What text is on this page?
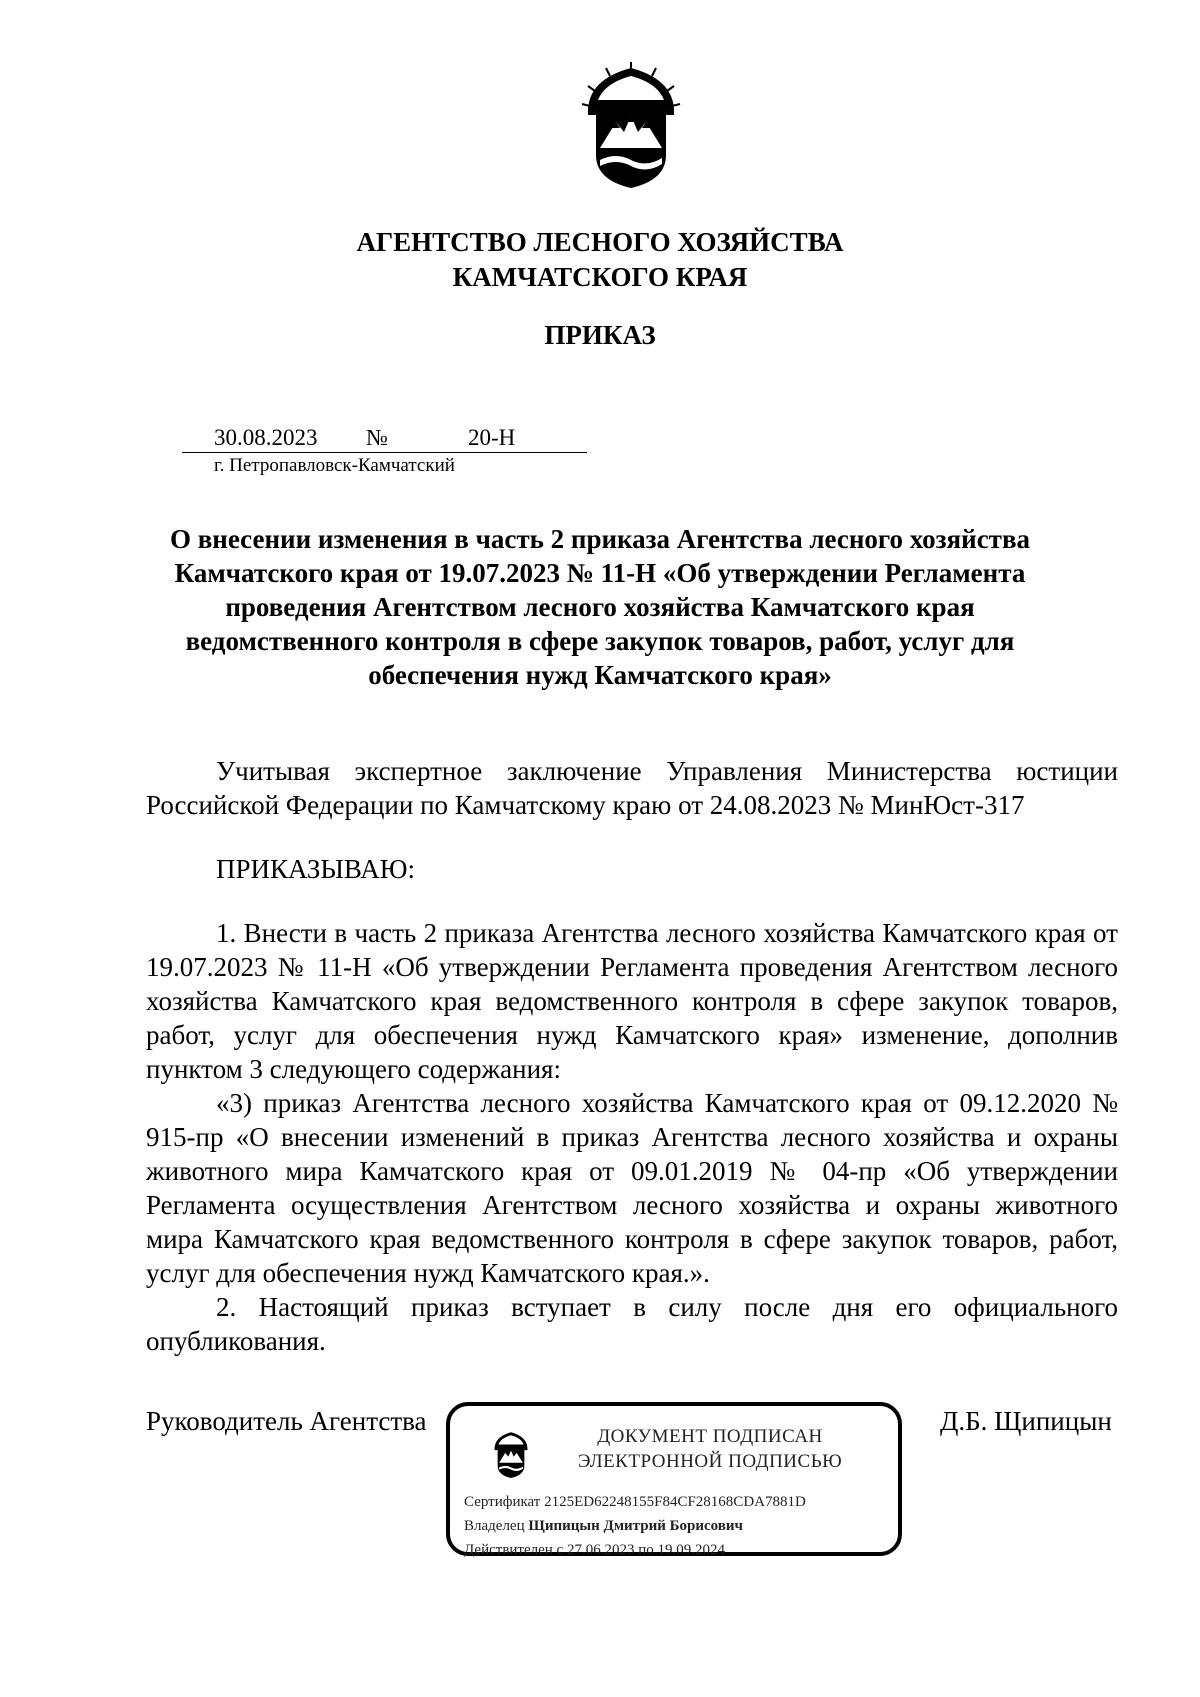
АГЕНТСТВО ЛЕСНОГО ХОЗЯЙСТВА
КАМЧАТСКОГО КРАЯ
ПРИКАЗ
30.08.2023 №	20-Н
г. Петропавловск-Камчатский
О внесении изменения в часть 2 приказа Агентства лесного хозяйства
Камчатского края от 19.07.2023 № 11-Н «Об утверждении Регламента
проведения Агентством лесного хозяйства Камчатского края
ведомственного контроля в сфере закупок товаров, работ, услуг для
обеспечения нужд Камчатского края»

Учитывая экспертное заключение Управления Министерства юстиции Российской Федерации по Камчатскому краю от 24.08.2023 № МинЮст-317

ПРИКАЗЫВАЮ:

1. Внести в часть 2 приказа Агентства лесного хозяйства Камчатского края от 19.07.2023 № 11-Н «Об утверждении Регламента проведения Агентством лесного хозяйства Камчатского края ведомственного контроля в сфере закупок товаров, работ, услуг для обеспечения нужд Камчатского края» изменение, дополнив пунктом 3 следующего содержания:

«3) приказ Агентства лесного хозяйства Камчатского края от 09.12.2020 № 915-пр «О внесении изменений в приказ Агентства лесного хозяйства и охраны животного мира Камчатского края от 09.01.2019 № 04-пр «Об утверждении Регламента осуществления Агентством лесного хозяйства и охраны животного мира Камчатского края ведомственного контроля в сфере закупок товаров, работ, услуг для обеспечения нужд Камчатского края.».

2. Настоящий приказ вступает в силу после дня его официального опубликования.

Руководитель Агентства	Д.Б. Щипицын
ДОКУМЕНТ ПОДПИСАН
ЭЛЕКТРОННОЙ ПОДПИСЬЮ
Сертификат 2125ED62248155F84CF28168CDA7881D
Владелец Щипицын Дмитрий Борисович
Действителен с 27.06.2023 по 19.09.2024
